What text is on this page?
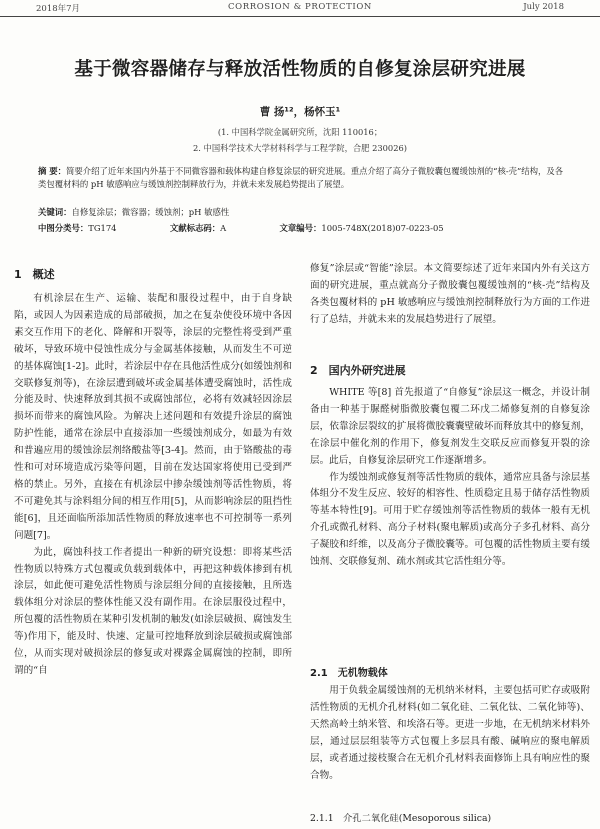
2018年7月	CORROSION & PROTECTION	July 2018
基于微容器储存与释放活性物质的自修复涂层研究进展
曹 扬¹²，杨怀玉¹
(1. 中国科学院金属研究所，沈阳 110016；
2. 中国科学技术大学材料科学与工程学院，合肥 230026)
摘 要：简要介绍了近年来国内外基于不同微容器和载体构建自修复涂层的研究进展。重点介绍了高分子微胶囊包覆缓蚀剂的“核-壳”结构，及各类包覆材料的 pH 敏感响应与缓蚀剂控制释放行为，并就未来发展趋势提出了展望。
关键词：自修复涂层；微容器；缓蚀剂；pH 敏感性
中图分类号：TG174	文献标志码：A	文章编号：1005-748X(2018)07-0223-05
1　概述

有机涂层在生产、运输、装配和服役过程中，由于自身缺陷，或因人为因素造成的局部破损，加之在复杂使役环境中各因素交互作用下的老化、降解和开裂等，涂层的完整性将受到严重破坏，导致环境中侵蚀性成分与金属基体接触，从而发生不可逆的基体腐蚀[1-2]。此时，若涂层中存在具他活性成分(如缓蚀剂和交联修复剂等)，在涂层遭到破坏或金属基体遭受腐蚀时，活性成分能及时、快速释放到其损不或腐蚀部位，必将有效减轻因涂层损坏而带来的腐蚀风险。为解决上述问题和有效提升涂层的腐蚀防护性能，通常在涂层中直接添加一些缓蚀剂成分，如最为有效和普遍应用的缓蚀涂层剂络酸盐等[3-4]。然而，由于铬酸盐的毒性和可对环境造成污染等问题，目前在发达国家将使用已受到严格的禁止。另外，直接在有机涂层中掺杂缓蚀剂等活性物质，将不可避免其与涂料组分间的相互作用[5]，从而影响涂层的阻挡性能[6]，且还面临所添加活性物质的释放速率也不可控制等一系列问题[7]。

为此，腐蚀科技工作者提出一种新的研究设想：即将某些活性物质以特殊方式包覆或负载到载体中，再把这种载体掺到有机涂层，如此便可避免活性物质与涂层组分间的直接接触，且所选载体组分对涂层的整体性能又没有副作用。在涂层服役过程中，所包覆的活性物质在某种引发机制的触发(如涂层破损、腐蚀发生等)作用下，能及时、快速、定量可控地释放到涂层破损或腐蚀部位，从而实现对破损涂层的修复或对裸露金属腐蚀的控制，即所谓的“自

修复”涂层或“智能”涂层。本文简要综述了近年来国内外有关这方面的研究进展，重点就高分子微胶囊包覆缓蚀剂的“核-壳”结构及各类包覆材料的 pH 敏感响应与缓蚀剂控制释放行为方面的工作进行了总结，并就未来的发展趋势进行了展望。

2　国内外研究进展

WHITE 等[8] 首先报道了“自修复”涂层这一概念，并设计制备由一种基于脲醛树脂微胶囊包覆二环戊二烯修复剂的自修复涂层，依靠涂层裂纹的扩展将微胶囊囊壁破坏而释放其中的修复剂，在涂层中催化剂的作用下，修复剂发生交联反应而修复开裂的涂层。此后，自修复涂层研究工作逐渐增多。

作为缓蚀剂或修复剂等活性物质的载体，通常应具备与涂层基体组分不发生反应、较好的相容性、性质稳定且易于储存活性物质等基本特性[9]。可用于贮存缓蚀剂等活性物质的载体一般有无机介孔或微孔材料、高分子材料(聚电解质)或高分子多孔材料、高分子凝胶和纤维，以及高分子微胶囊等。可包覆的活性物质主要有缓蚀剂、交联修复剂、疏水剂或其它活性组分等。

2.1　无机物载体

用于负载金属缓蚀剂的无机纳米材料，主要包括可贮存或吸附活性物质的无机介孔材料(如二氧化硅、二氧化钛、二氧化铈等)、天然高岭土纳米管、和埃洛石等。更进一步地，在无机纳米材料外层，通过层层组装等方式包覆上多层具有酸、碱响应的聚电解质层，或者通过接枝聚合在无机介孔材料表面修饰上具有响应性的聚合物。

2.1.1　介孔二氧化硅(Mesoporous silica)
